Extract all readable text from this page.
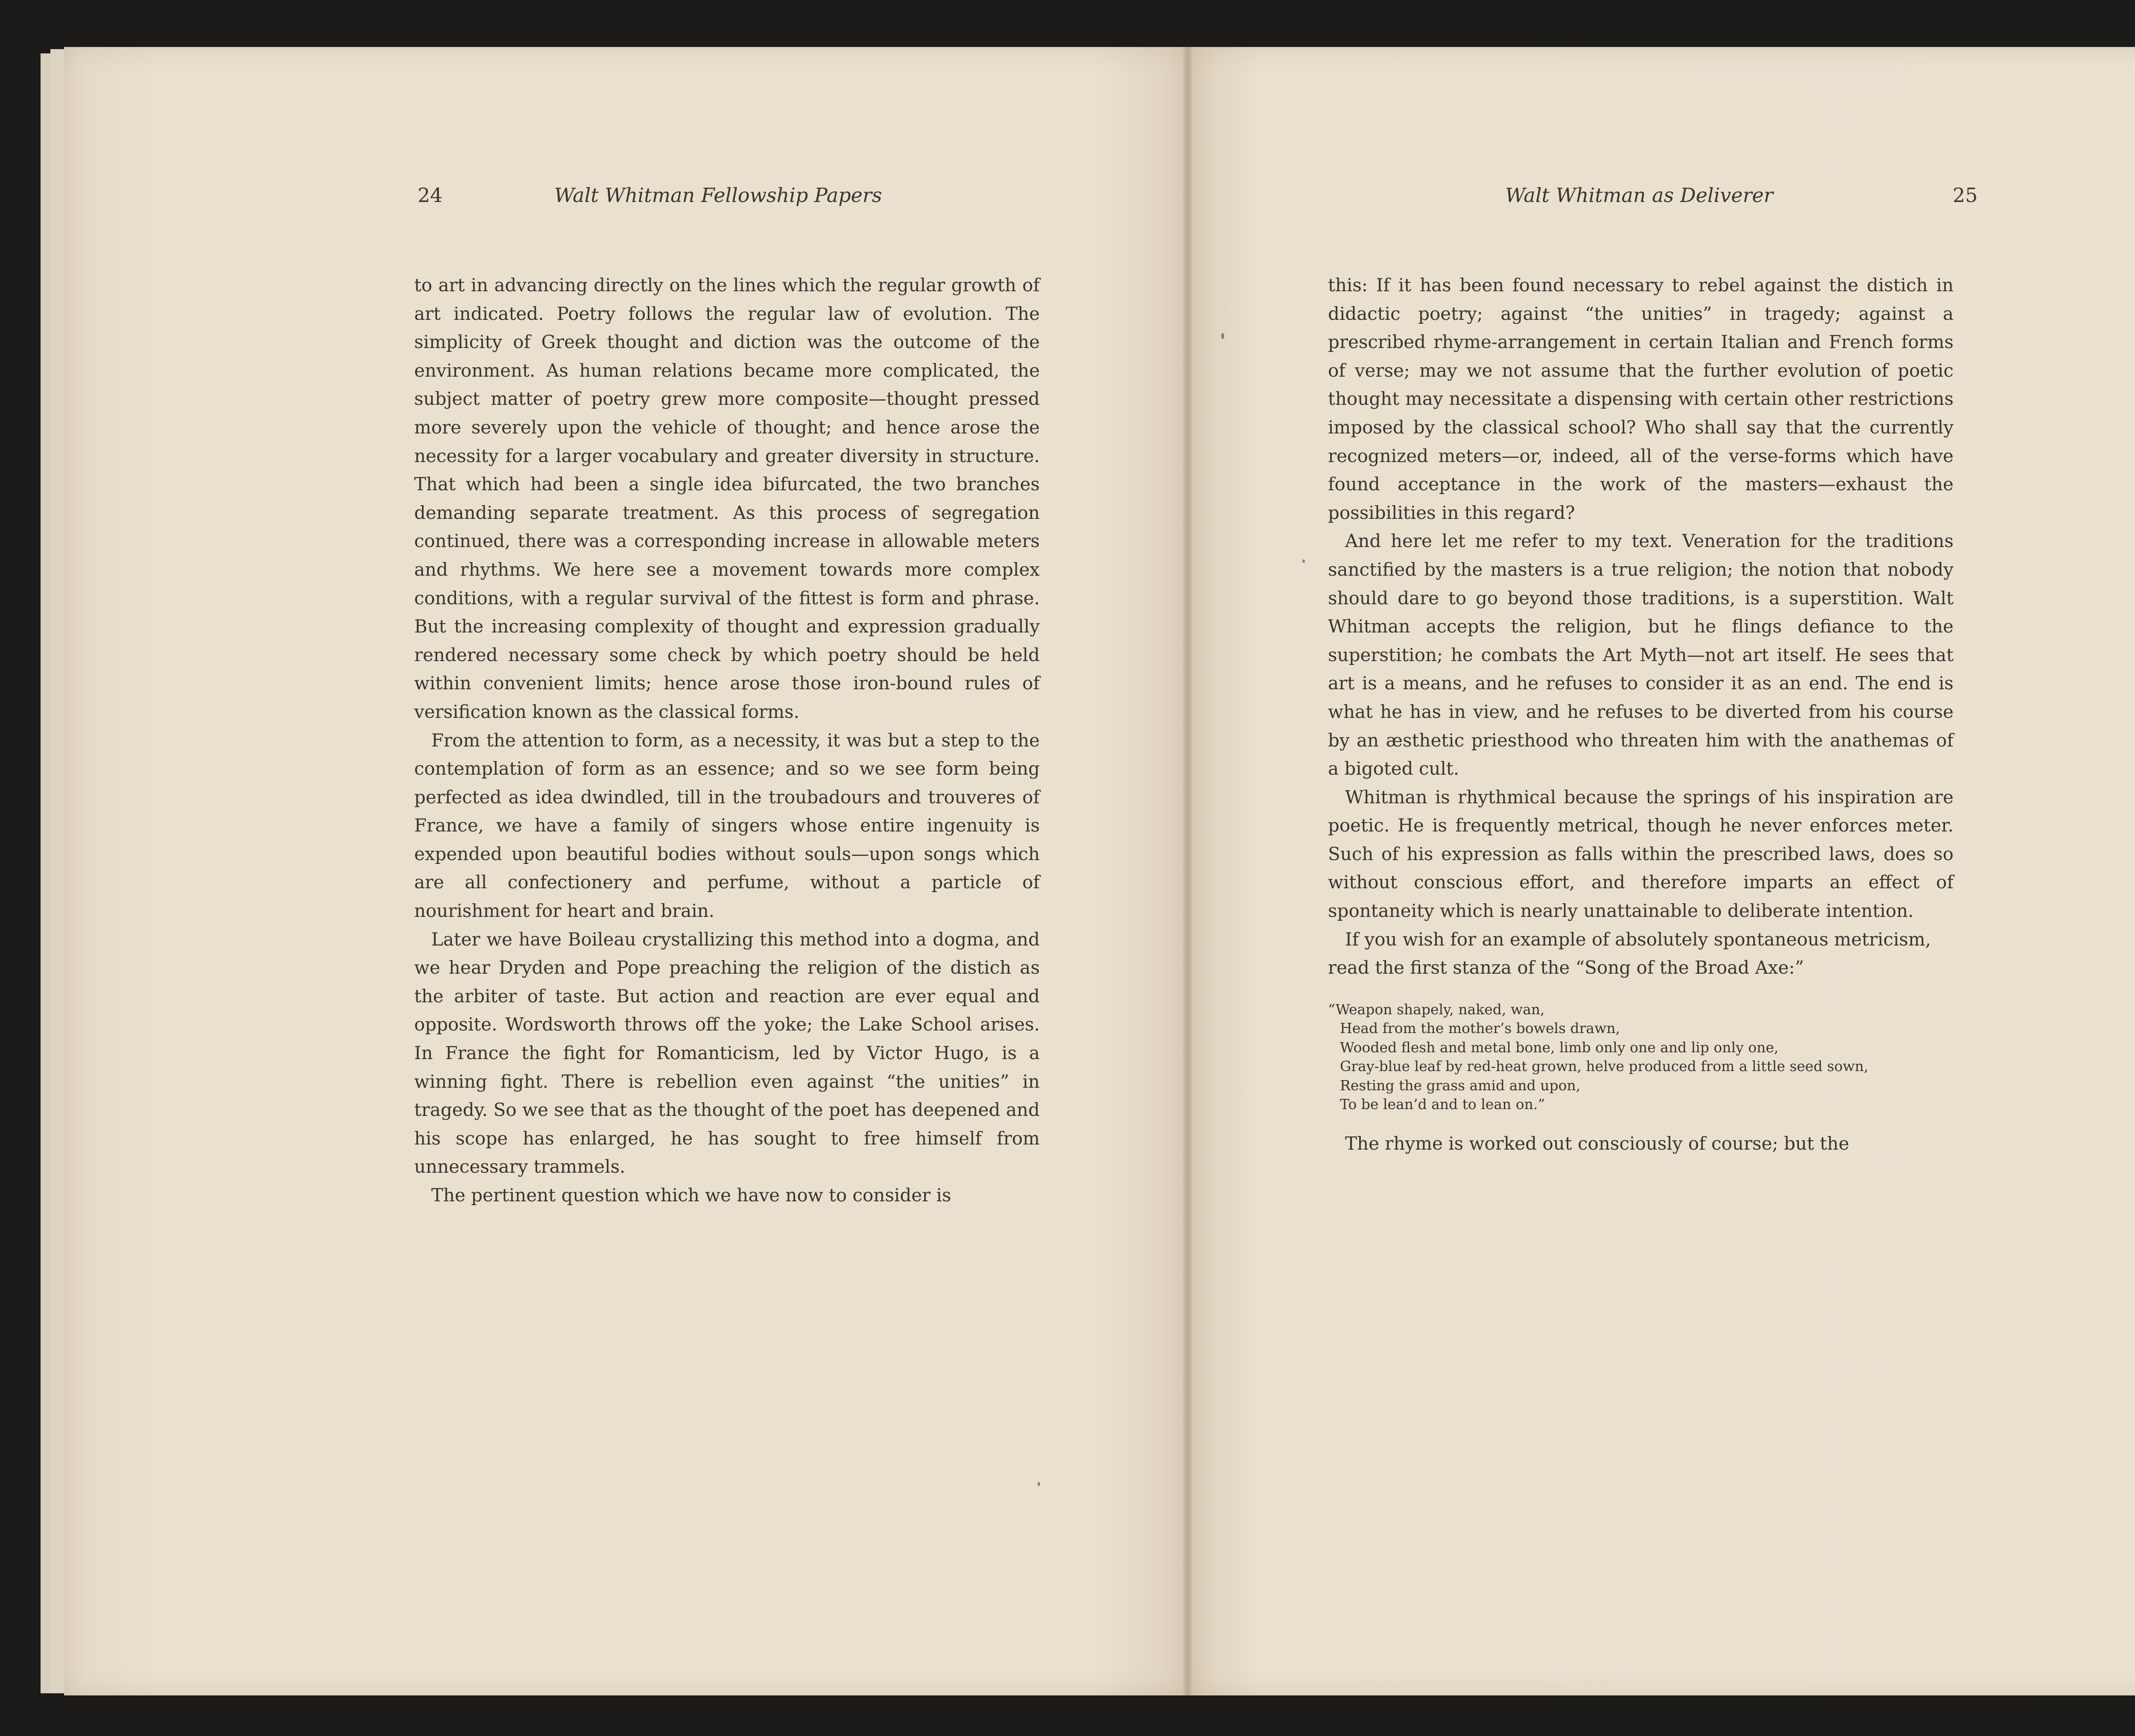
24	Walt Whitman Fellowship Papers

to art in advancing directly on the lines which the regular growth of art indicated. Poetry follows the regular law of evolution. The simplicity of Greek thought and diction was the outcome of the environment. As human relations became more complicated, the subject matter of poetry grew more composite—thought pressed more severely upon the vehicle of thought; and hence arose the necessity for a larger vocabulary and greater diversity in structure. That which had been a single idea bifurcated, the two branches demanding separate treatment. As this process of segregation continued, there was a corresponding increase in allowable meters and rhythms. We here see a movement towards more complex conditions, with a regular survival of the fittest is form and phrase. But the increasing complexity of thought and expression gradually rendered necessary some check by which poetry should be held within convenient limits; hence arose those iron-bound rules of versification known as the classical forms.

From the attention to form, as a necessity, it was but a step to the contemplation of form as an essence; and so we see form being perfected as idea dwindled, till in the troubadours and trouveres of France, we have a family of singers whose entire ingenuity is expended upon beautiful bodies without souls—upon songs which are all confectionery and perfume, without a particle of nourishment for heart and brain.

Later we have Boileau crystallizing this method into a dogma, and we hear Dryden and Pope preaching the religion of the distich as the arbiter of taste. But action and reaction are ever equal and opposite. Wordsworth throws off the yoke; the Lake School arises. In France the fight for Romanticism, led by Victor Hugo, is a winning fight. There is rebellion even against “the unities” in tragedy. So we see that as the thought of the poet has deepened and his scope has enlarged, he has sought to free himself from unnecessary trammels.

The pertinent question which we have now to consider is

Walt Whitman as Deliverer	25

this: If it has been found necessary to rebel against the distich in didactic poetry; against “the unities” in tragedy; against a prescribed rhyme-arrangement in certain Italian and French forms of verse; may we not assume that the further evolution of poetic thought may necessitate a dispensing with certain other restrictions imposed by the classical school? Who shall say that the currently recognized meters—or, indeed, all of the verse-forms which have found acceptance in the work of the masters—exhaust the possibilities in this regard?

And here let me refer to my text. Veneration for the traditions sanctified by the masters is a true religion; the notion that nobody should dare to go beyond those traditions, is a superstition. Walt Whitman accepts the religion, but he flings defiance to the superstition; he combats the Art Myth—not art itself. He sees that art is a means, and he refuses to consider it as an end. The end is what he has in view, and he refuses to be diverted from his course by an æsthetic priesthood who threaten him with the anathemas of a bigoted cult.

Whitman is rhythmical because the springs of his inspiration are poetic. He is frequently metrical, though he never enforces meter. Such of his expression as falls within the prescribed laws, does so without conscious effort, and therefore imparts an effect of spontaneity which is nearly unattainable to deliberate intention.

If you wish for an example of absolutely spontaneous metricism, read the first stanza of the “Song of the Broad Axe:”

“Weapon shapely, naked, wan,
Head from the mother’s bowels drawn,
Wooded flesh and metal bone, limb only one and lip only one,
Gray-blue leaf by red-heat grown, helve produced from a little seed sown,
Resting the grass amid and upon,
To be lean’d and to lean on.”

The rhyme is worked out consciously of course; but the
